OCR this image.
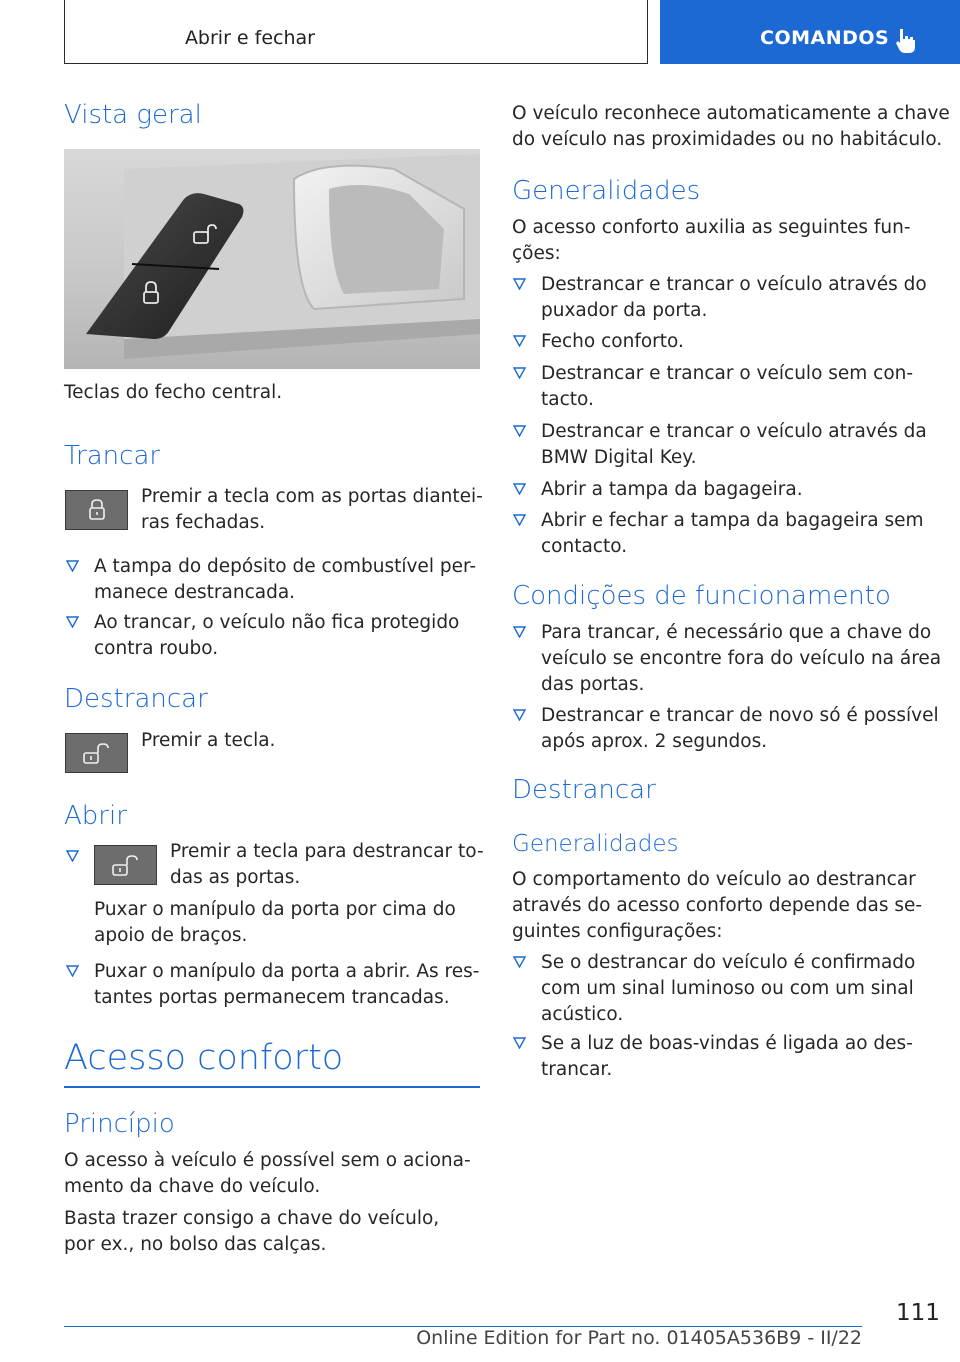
Abrir e fechar	COMANDOS
Vista geral
Teclas do fecho central.
Trancar
Premir a tecla com as portas diantei-
ras fechadas.
A tampa do depósito de combustível per-
manece destrancada.
Ao trancar, o veículo não fica protegido
contra roubo.
Destrancar
Premir a tecla.
Abrir
Premir a tecla para destrancar to-
das as portas.
Puxar o manípulo da porta por cima do
apoio de braços.
Puxar o manípulo da porta a abrir. As res-
tantes portas permanecem trancadas.
Acesso conforto
Princípio
O acesso à veículo é possível sem o aciona-
mento da chave do veículo.
Basta trazer consigo a chave do veículo,
por ex., no bolso das calças.
O veículo reconhece automaticamente a chave
do veículo nas proximidades ou no habitáculo.
Generalidades
O acesso conforto auxilia as seguintes fun-
ções:
Destrancar e trancar o veículo através do
puxador da porta.
Fecho conforto.
Destrancar e trancar o veículo sem con-
tacto.
Destrancar e trancar o veículo através da
BMW Digital Key.
Abrir a tampa da bagageira.
Abrir e fechar a tampa da bagageira sem
contacto.
Condições de funcionamento
Para trancar, é necessário que a chave do
veículo se encontre fora do veículo na área
das portas.
Destrancar e trancar de novo só é possível
após aprox. 2 segundos.
Destrancar
Generalidades
O comportamento do veículo ao destrancar
através do acesso conforto depende das se-
guintes configurações:
Se o destrancar do veículo é confirmado
com um sinal luminoso ou com um sinal
acústico.
Se a luz de boas-vindas é ligada ao des-
trancar.
111
Online Edition for Part no. 01405A536B9 - II/22
